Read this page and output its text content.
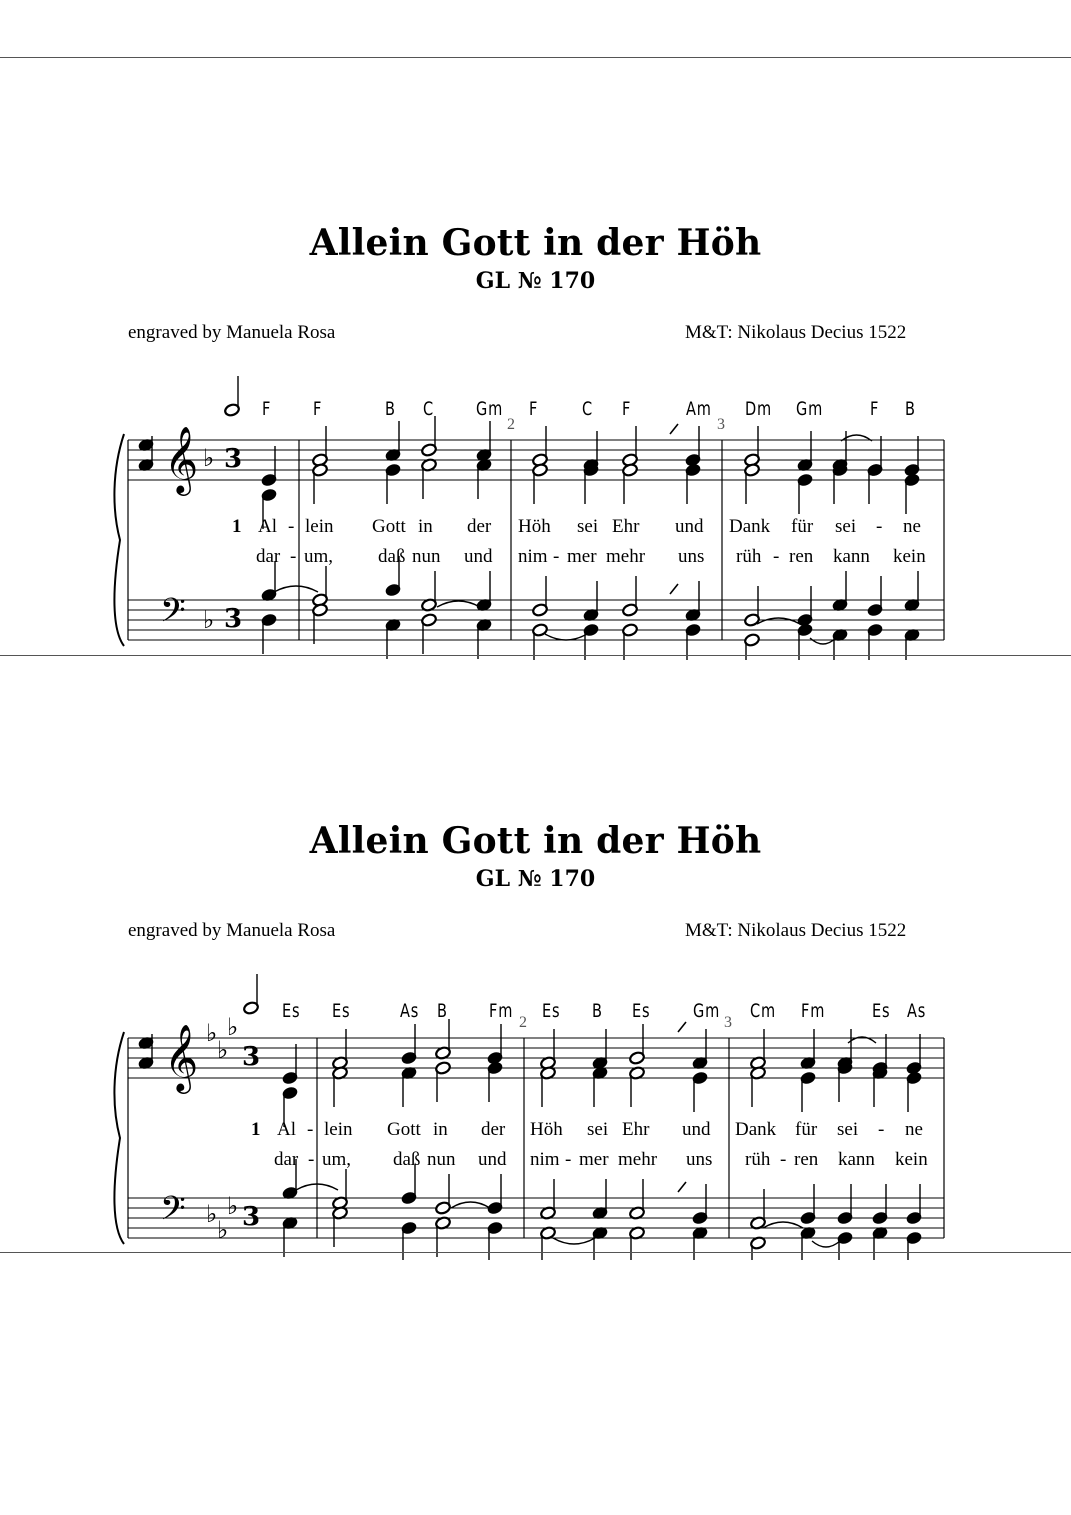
Allein Gott in der Höh
GL № 170
engraved by Manuela Rosa	M&T: Nikolaus Decius 1522
F F	B C Gm F C F	Am Dm Gm F B
2	3
1 Al - lein Gott in der Höh sei Ehr und Dank für sei - ne
dar - um, daß nun und nim - mer mehr uns rüh - ren kann kein
𝄞
𝄢
♭
♭
3
3
Allein Gott in der Höh
GL № 170
engraved by Manuela Rosa	M&T: Nikolaus Decius 1522
Es Es	As B Fm Es B Es Gm Cm Fm Es As
2	3
1 Al - lein Gott in der Höh sei Ehr und Dank für sei - ne
dar - um, daß nun und nim - mer mehr uns rüh - ren kann kein
𝄞
𝄢
♭
♭
♭
♭
♭
♭
3
3
